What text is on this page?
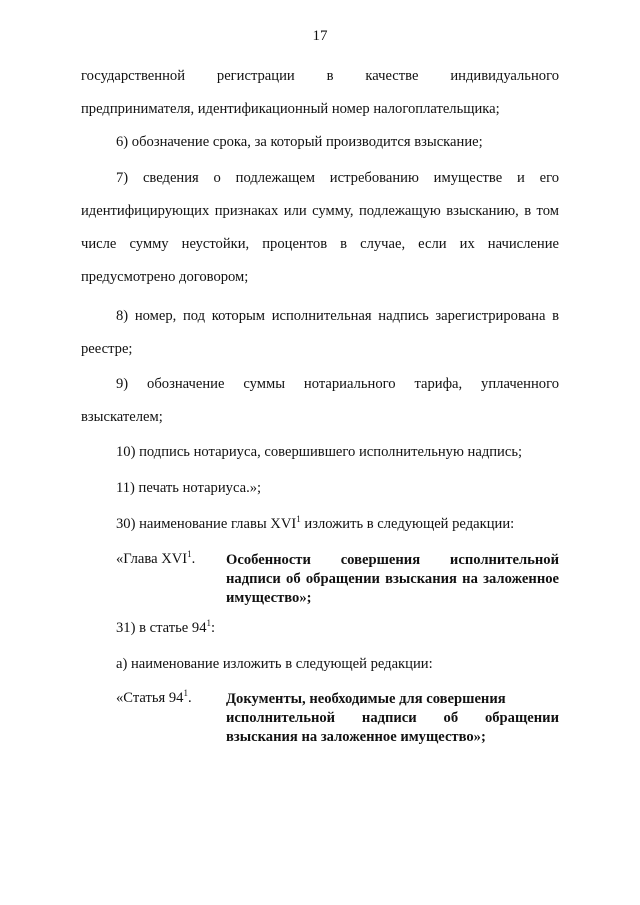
17
государственной регистрации в качестве индивидуального
предпринимателя, идентификационный номер налогоплательщика;
6) обозначение срока, за который производится взыскание;
7) сведения о подлежащем истребованию имуществе и его
идентифицирующих признаках или сумму, подлежащую взысканию, в том
числе сумму неустойки, процентов в случае, если их начисление
предусмотрено договором;
8) номер, под которым исполнительная надпись зарегистрирована в
реестре;
9) обозначение суммы нотариального тарифа, уплаченного
взыскателем;
10) подпись нотариуса, совершившего исполнительную надпись;
11) печать нотариуса.»;
30) наименование главы XVI$^1$ изложить в следующей редакции:
«Глава XVI$^1$. Особенности совершения исполнительной
надписи об обращении взыскания на заложенное
имущество»;
31) в статье $94^1$:
а) наименование изложить в следующей редакции:
«Статья $94^1$. Документы, необходимые для совершения
исполнительной надписи об обращении
взыскания на заложенное имущество»;
